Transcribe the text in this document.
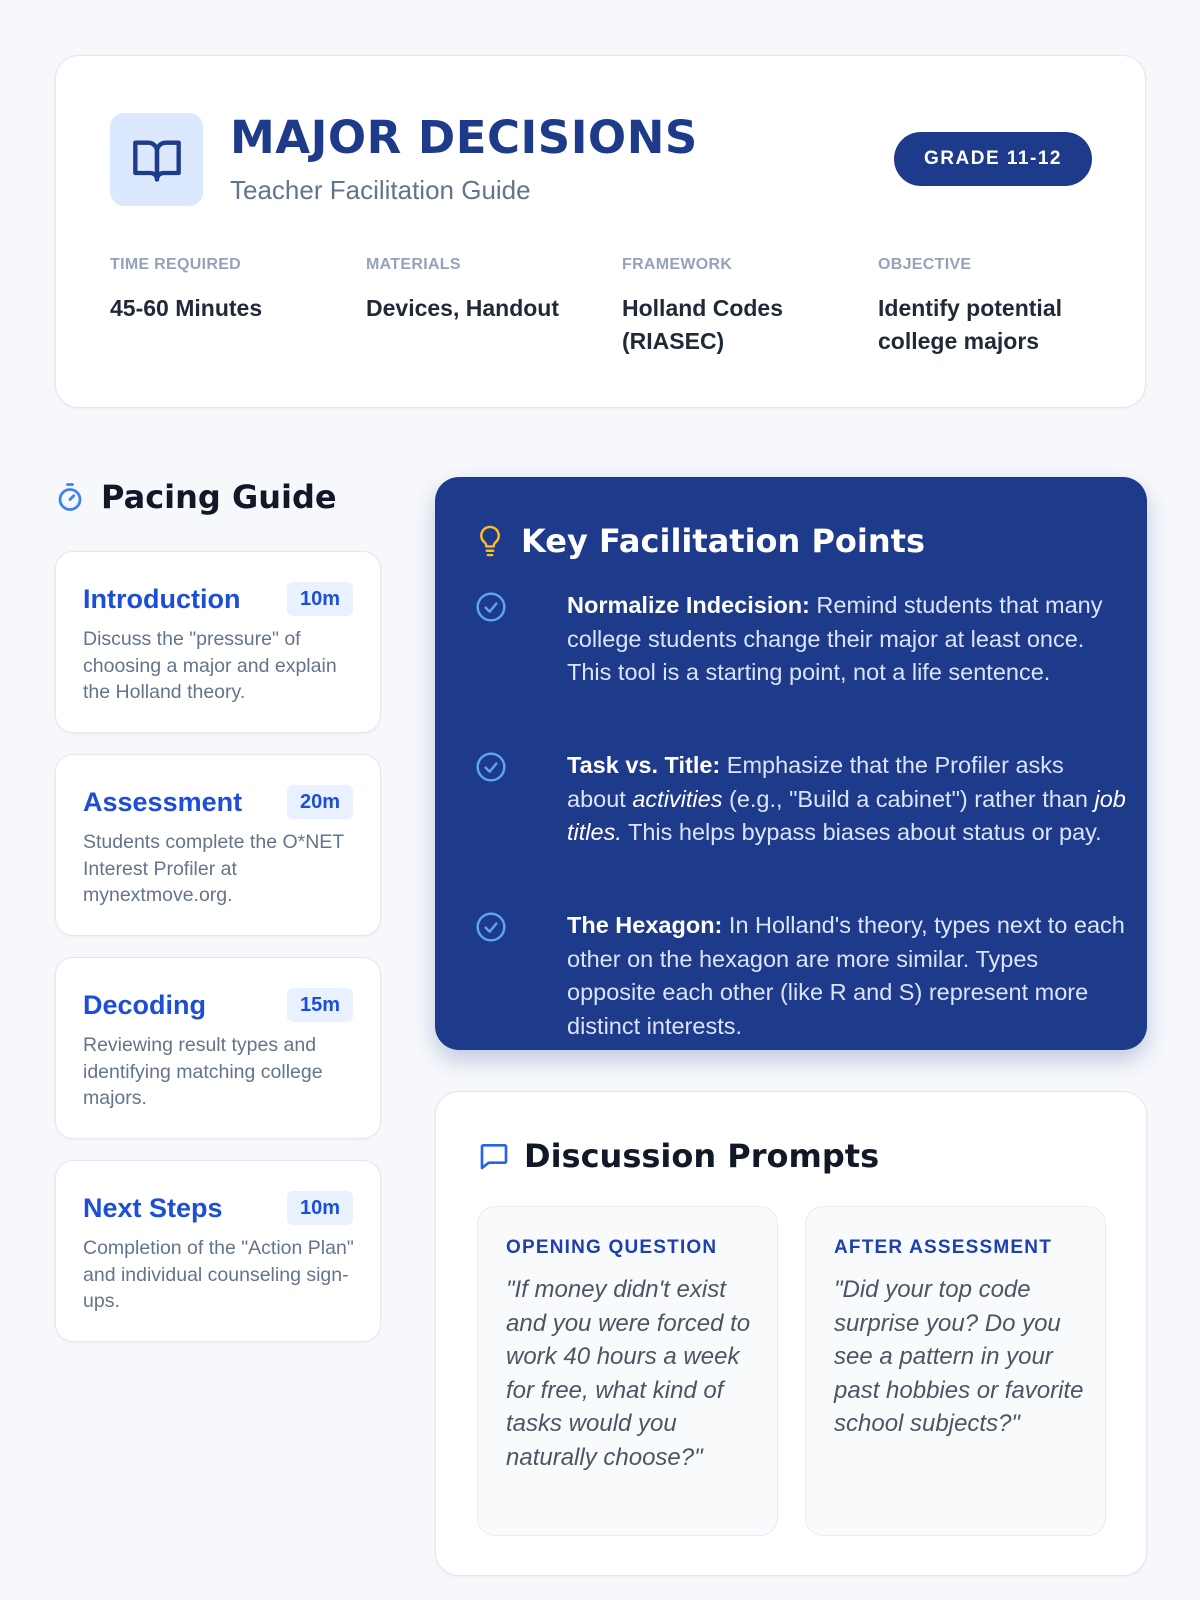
MAJOR DECISIONS
Teacher Facilitation Guide
GRADE 11-12
TIME REQUIRED
45-60 Minutes
MATERIALS
Devices, Handout
FRAMEWORK
Holland Codes (RIASEC)
OBJECTIVE
Identify potential college majors
Pacing Guide
Introduction	10m
Discuss the "pressure" of choosing a major and explain the Holland theory.
Assessment	20m
Students complete the O*NET Interest Profiler at mynextmove.org.
Decoding	15m
Reviewing result types and identifying matching college majors.
Next Steps	10m
Completion of the "Action Plan" and individual counseling sign-ups.
Key Facilitation Points

Normalize Indecision: Remind students that many college students change their major at least once. This tool is a starting point, not a life sentence.

Task vs. Title: Emphasize that the Profiler asks about activities (e.g., "Build a cabinet") rather than job titles. This helps bypass biases about status or pay.

The Hexagon: In Holland's theory, types next to each other on the hexagon are more similar. Types opposite each other (like R and S) represent more distinct interests.

Discussion Prompts
OPENING QUESTION

"If money didn't exist and you were forced to work 40 hours a week for free, what kind of tasks would you naturally choose?"

AFTER ASSESSMENT

"Did your top code surprise you? Do you see a pattern in your past hobbies or favorite school subjects?"
